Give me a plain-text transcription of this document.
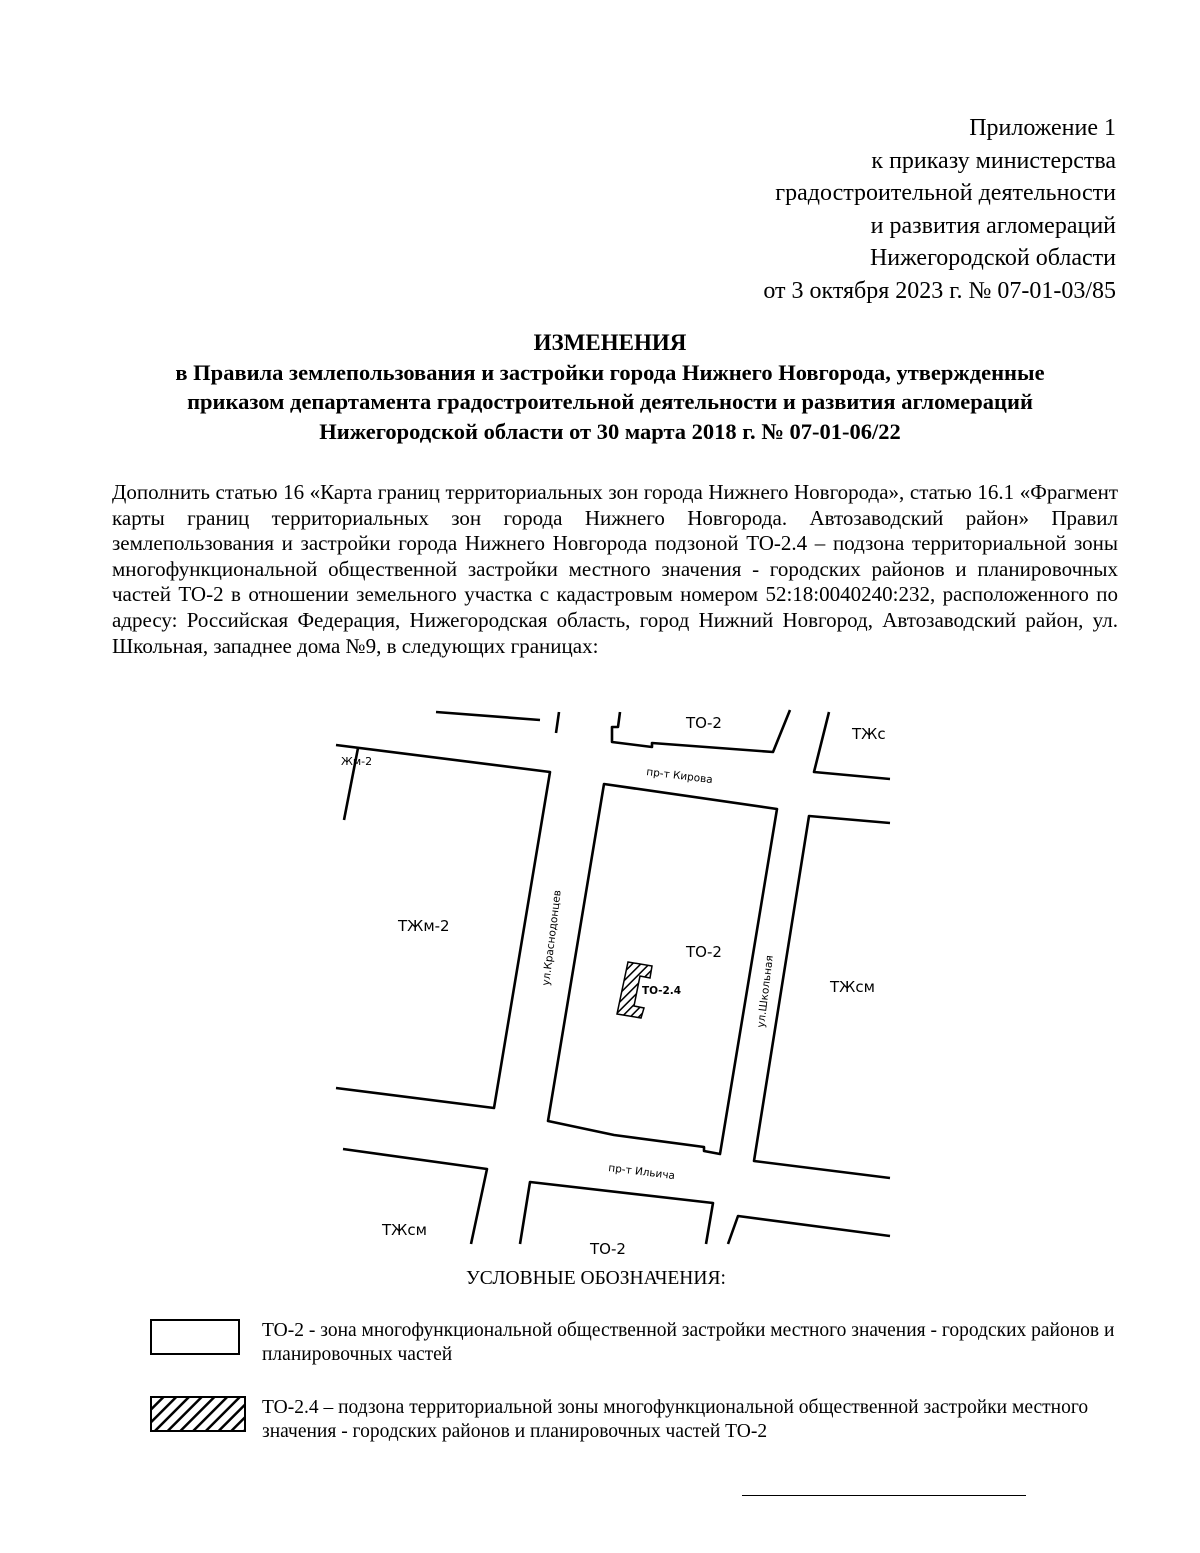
Приложение 1
к приказу министерства
градостроительной деятельности
и развития агломераций
Нижегородской области
от 3 октября 2023 г. № 07-01-03/85
ИЗМЕНЕНИЯ
в Правила землепользования и застройки города Нижнего Новгорода, утвержденные
приказом департамента градостроительной деятельности и развития агломераций
Нижегородской области от 30 марта 2018 г. № 07-01-06/22
Дополнить статью 16 «Карта границ территориальных зон города Нижнего Новгорода», статью 16.1 «Фрагмент карты границ территориальных зон города Нижнего Новгорода. Автозаводский район» Правил землепользования и застройки города Нижнего Новгорода подзоной ТО-2.4 – подзона территориальной зоны многофункциональной общественной застройки местного значения - городских районов и планировочных частей ТО-2 в отношении земельного участка с кадастровым номером 52:18:0040240:232, расположенного по адресу: Российская Федерация, Нижегородская область, город Нижний Новгород, Автозаводский район, ул. Школьная, западнее дома №9, в следующих границах:
ТО-2
ТЖс
Жм-2
пр-т Кирова
ТЖм-2	ул.Краснодонцев	ТО-2
ТО-2.4	ул.Школьная	ТЖсм
пр-т Ильича
ТЖсм
ТО-2
УСЛОВНЫЕ ОБОЗНАЧЕНИЯ:
ТО-2 - зона многофункциональной общественной застройки местного значения - городских районов и планировочных частей
ТО-2.4 – подзона территориальной зоны многофункциональной общественной застройки местного значения - городских районов и планировочных частей ТО-2
